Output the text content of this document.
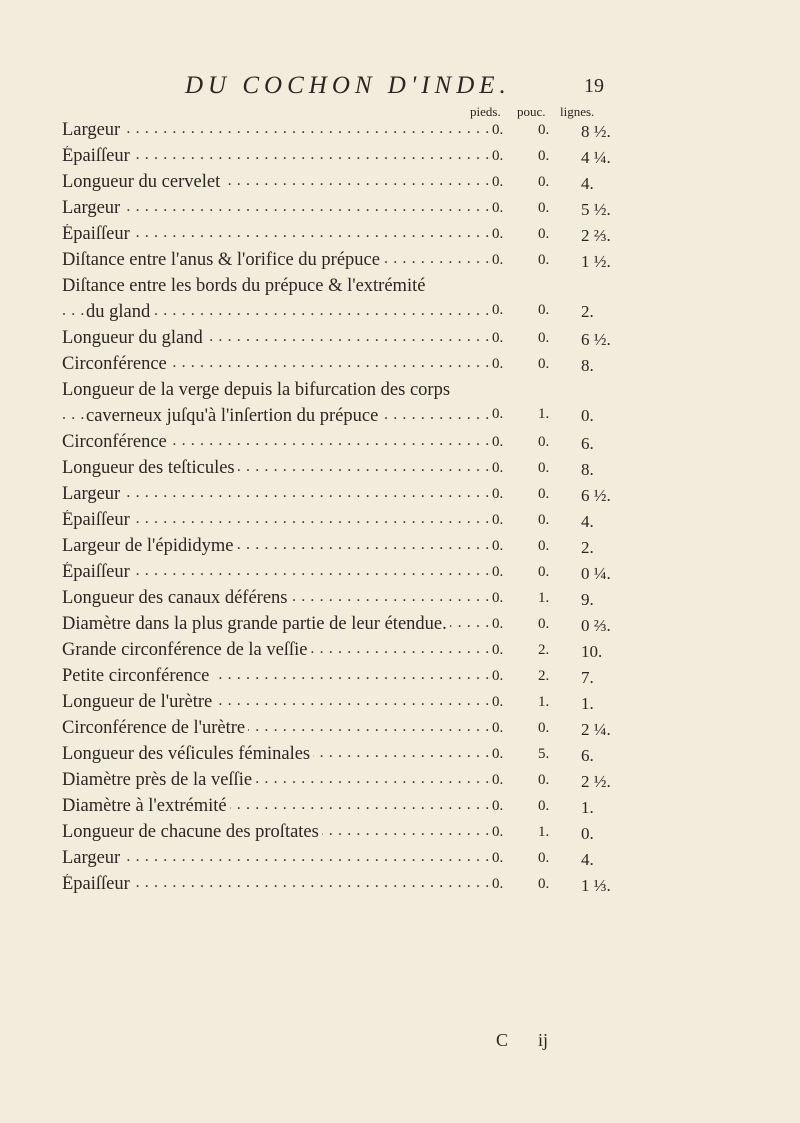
DU COCHON D'INDE.	19
pieds. pouc. lignes.
Largeur . . .	0. 0. 8 ½.
Épaiſſeur . . .	0. 0. 4 ¼.
Longueur du cervelet . . .	0. 0. 4.
Largeur . . .	0. 0. 5 ½.
Épaiſſeur . . .	0. 0. 2 ⅔.
Diſtance entre l'anus & l'orifice du prépuce . . .	0. 0. 1 ½.
Diſtance entre les bords du prépuce & l'extrémité
du gland
. . .	0. 0. 2.
Longueur du gland . . .	0. 0. 6 ½.
Circonférence . . .	0. 0. 8.
Longueur de la verge depuis la bifurcation des corps
caverneux juſqu'à l'inſertion du prépuce
. . .	0. 1. 0.
Circonférence . . .	0. 0. 6.
Longueur des teſticules . . .	0. 0. 8.
Largeur . . .	0. 0. 6 ½.
Épaiſſeur . . .	0. 0. 4.
Largeur de l'épididyme . . .	0. 0. 2.
Épaiſſeur . . .	0. 0. 0 ¼.
Longueur des canaux déférens . . .	0. 1. 9.
Diamètre dans la plus grande partie de leur étendue. . . .	0. 0. 0 ⅔.
Grande circonférence de la veſſie . . .	0. 2. 10.
Petite circonférence . . .	0. 2. 7.
Longueur de l'urètre . . .	0. 1. 1.
Circonférence de l'urètre . . .	0. 0. 2 ¼.
Longueur des véſicules féminales . . .	0. 5. 6.
Diamètre près de la veſſie . . .	0. 0. 2 ½.
Diamètre à l'extrémité . . .	0. 0. 1.
Longueur de chacune des proſtates . . .	0. 1. 0.
Largeur . . .	0. 0. 4.
Épaiſſeur . . .	0. 0. 1 ⅓.
C ij
